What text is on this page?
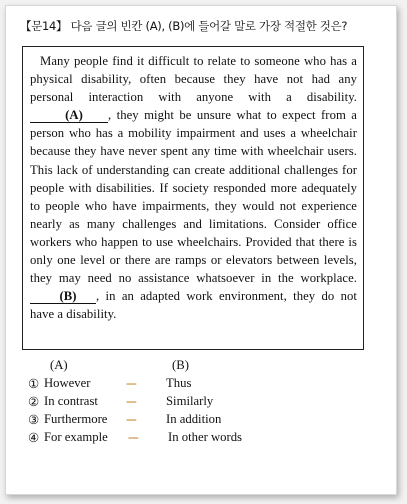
【문14】 다음 글의 빈칸 (A), (B)에 들어갈 말로 가장 적절한 것은?

Many people find it difficult to relate to someone who has a physical disability, often because they have not had any personal interaction with anyone with a disability. (A) , they might be unsure what to expect from a person who has a mobility impairment and uses a wheelchair because they have never spent any time with wheelchair users. This lack of understanding can create additional challenges for people with disabilities. If society responded more adequately to people who have impairments, they would not experience nearly as many challenges and limitations. Consider office workers who happen to use wheelchairs. Provided that there is only one level or there are ramps or elevators between levels, they may need no assistance whatsoever in the workplace. (B) , in an adapted work environment, they do not have a disability.

(A)	(B)
① However	--- Thus
② In contrast --- Similarly
③ Furthermore --- In addition
④ For example --- In other words
